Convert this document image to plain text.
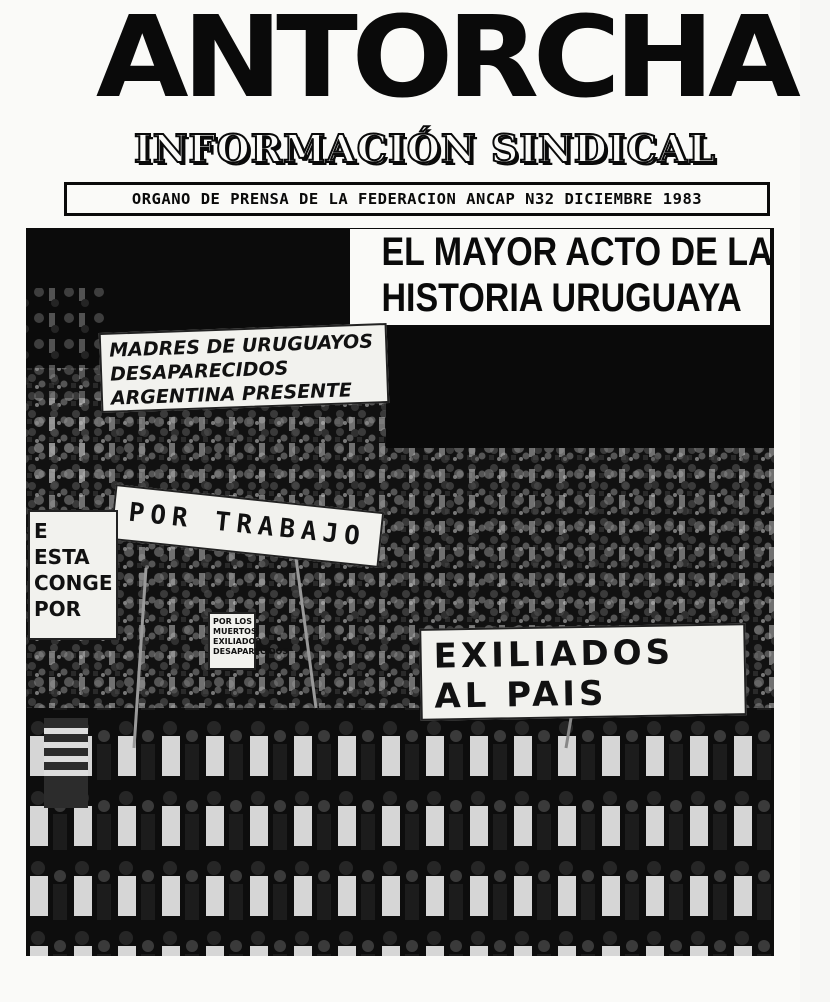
ANTORCHA
INFORMACIÓN SINDICAL
ORGANO DE PRENSA DE LA FEDERACION ANCAP N32 DICIEMBRE 1983
EL MAYOR ACTO DE LA
HISTORIA URUGUAYA
MADRES DE URUGUAYOS
DESAPARECIDOS
ARGENTINA PRESENTE
POR TRABAJO
E
ESTA
CONGE
POR
POR LOS
MUERTOS
EXILIADOS
DESAPARECIDOS	EXILIADOS
AL PAIS
